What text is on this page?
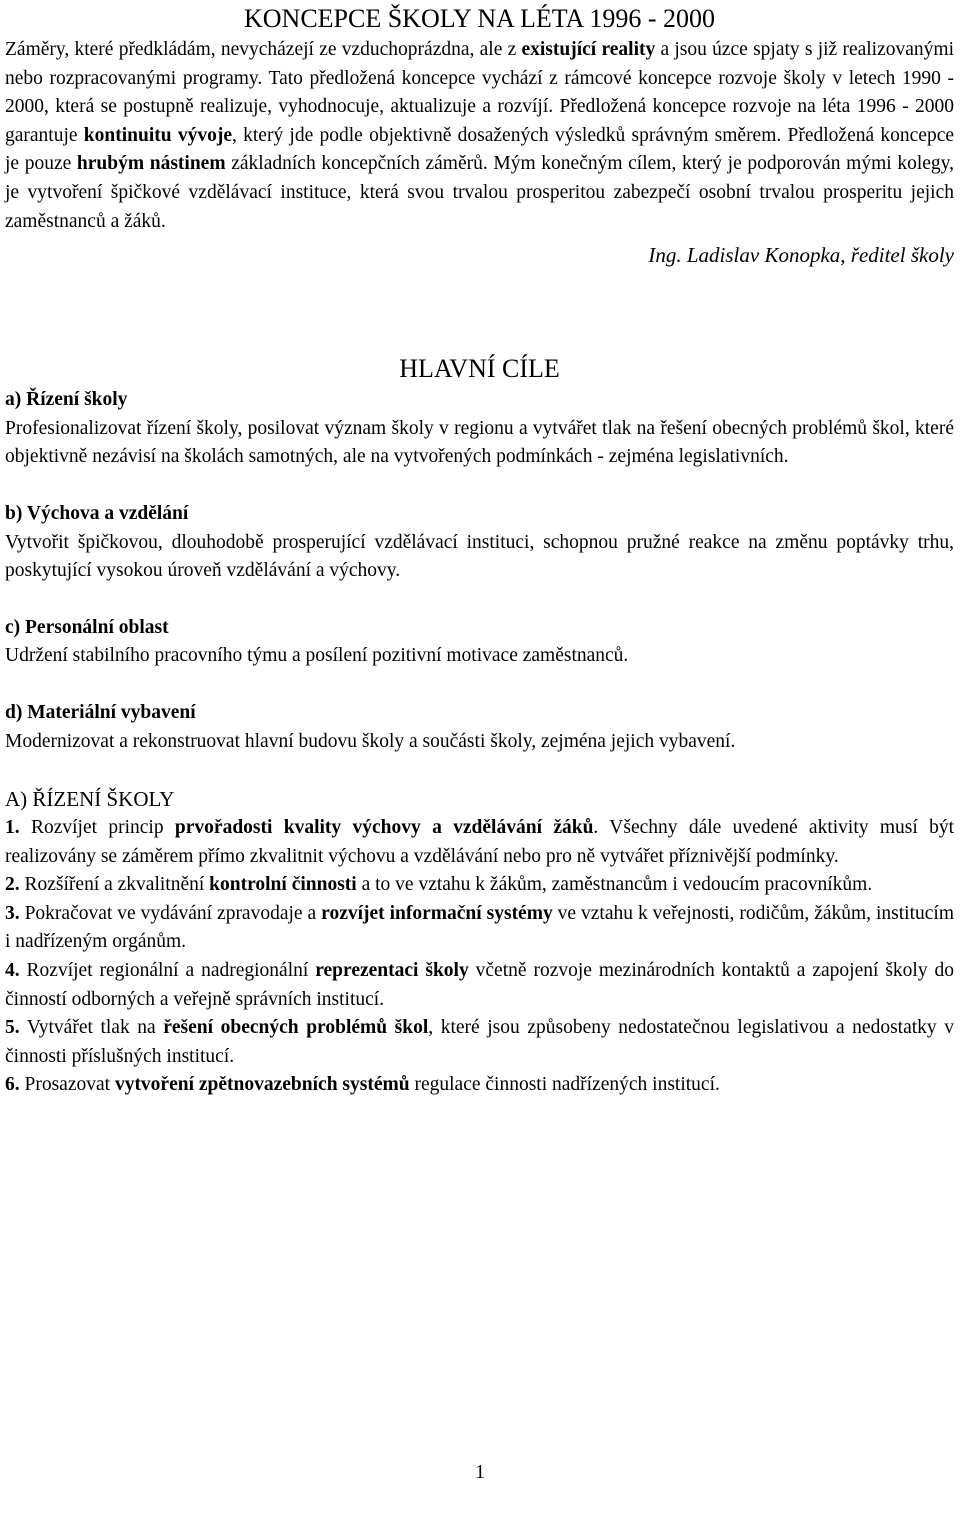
KONCEPCE ŠKOLY NA LÉTA 1996 - 2000

Záměry, které předkládám, nevycházejí ze vzduchoprázdna, ale z existující reality a jsou úzce spjaty s již realizovanými nebo rozpracovanými programy. Tato předložená koncepce vychází z rámcové koncepce rozvoje školy v letech 1990 - 2000, která se postupně realizuje, vyhodnocuje, aktualizuje a rozvíjí. Předložená koncepce rozvoje na léta 1996 - 2000 garantuje kontinuitu vývoje, který jde podle objektivně dosažených výsledků správným směrem. Předložená koncepce je pouze hrubým nástinem základních koncepčních záměrů. Mým konečným cílem, který je podporován mými kolegy, je vytvoření špičkové vzdělávací instituce, která svou trvalou prosperitou zabezpečí osobní trvalou prosperitu jejich zaměstnanců a žáků.

Ing. Ladislav Konopka, ředitel školy

HLAVNÍ CÍLE

a) Řízení školy

Profesionalizovat řízení školy, posilovat význam školy v regionu a vytvářet tlak na řešení obecných problémů škol, které objektivně nezávisí na školách samotných, ale na vytvořených podmínkách - zejména legislativních.

b) Výchova a vzdělání

Vytvořit špičkovou, dlouhodobě prosperující vzdělávací instituci, schopnou pružné reakce na změnu poptávky trhu, poskytující vysokou úroveň vzdělávání a výchovy.

c) Personální oblast

Udržení stabilního pracovního týmu a posílení pozitivní motivace zaměstnanců.

d) Materiální vybavení

Modernizovat a rekonstruovat hlavní budovu školy a součásti školy, zejména jejich vybavení.

A) ŘÍZENÍ ŠKOLY

1. Rozvíjet princip prvořadosti kvality výchovy a vzdělávání žáků. Všechny dále uvedené aktivity musí být realizovány se záměrem přímo zkvalitnit výchovu a vzdělávání nebo pro ně vytvářet příznivější podmínky.

2. Rozšíření a zkvalitnění kontrolní činnosti a to ve vztahu k žákům, zaměstnancům i vedoucím pracovníkům.

3. Pokračovat ve vydávání zpravodaje a rozvíjet informační systémy ve vztahu k veřejnosti, rodičům, žákům, institucím i nadřízeným orgánům.

4. Rozvíjet regionální a nadregionální reprezentaci školy včetně rozvoje mezinárodních kontaktů a zapojení školy do činností odborných a veřejně správních institucí.

5. Vytvářet tlak na řešení obecných problémů škol, které jsou způsobeny nedostatečnou legislativou a nedostatky v činnosti příslušných institucí.

6. Prosazovat vytvoření zpětnovazebních systémů regulace činnosti nadřízených institucí.

1
